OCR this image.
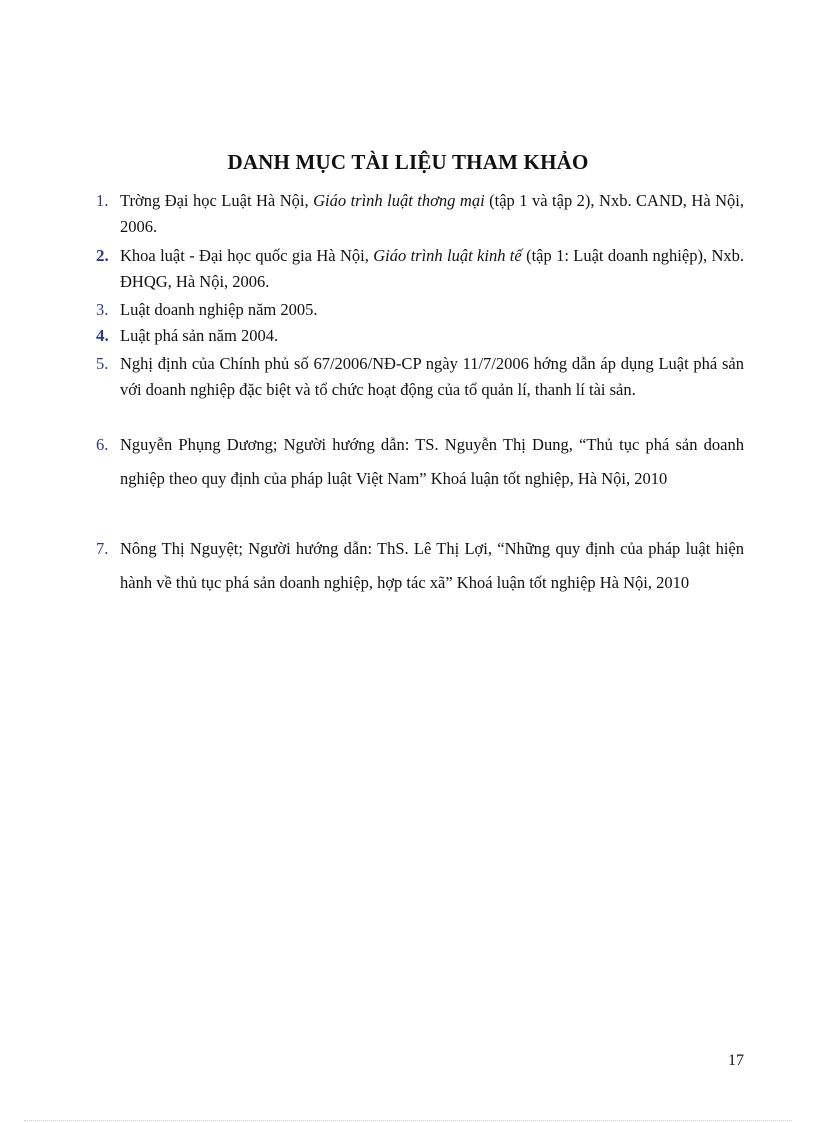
DANH MỤC TÀI LIỆU THAM KHẢO
1. Trờng Đại học Luật Hà Nội, Giáo trình luật thơng mại (tập 1 và tập 2), Nxb. CAND, Hà Nội, 2006.
2. Khoa luật - Đại học quốc gia Hà Nội, Giáo trình luật kinh tế (tập 1: Luật doanh nghiệp), Nxb. ĐHQG, Hà Nội, 2006.
3. Luật doanh nghiệp năm 2005.
4. Luật phá sản năm 2004.
5. Nghị định của Chính phủ số 67/2006/NĐ-CP ngày 11/7/2006 hớng dẫn áp dụng Luật phá sản với doanh nghiệp đặc biệt và tổ chức hoạt động của tổ quản lí, thanh lí tài sản.
6. Nguyễn Phụng Dương; Người hướng dẫn: TS. Nguyễn Thị Dung, “Thủ tục phá sản doanh nghiệp theo quy định của pháp luật Việt Nam” Khoá luận tốt nghiệp, Hà Nội, 2010
7. Nông Thị Nguyệt; Người hướng dẫn: ThS. Lê Thị Lợi, “Những quy định của pháp luật hiện hành về thủ tục phá sản doanh nghiệp, hợp tác xã” Khoá luận tốt nghiệp Hà Nội, 2010
17
